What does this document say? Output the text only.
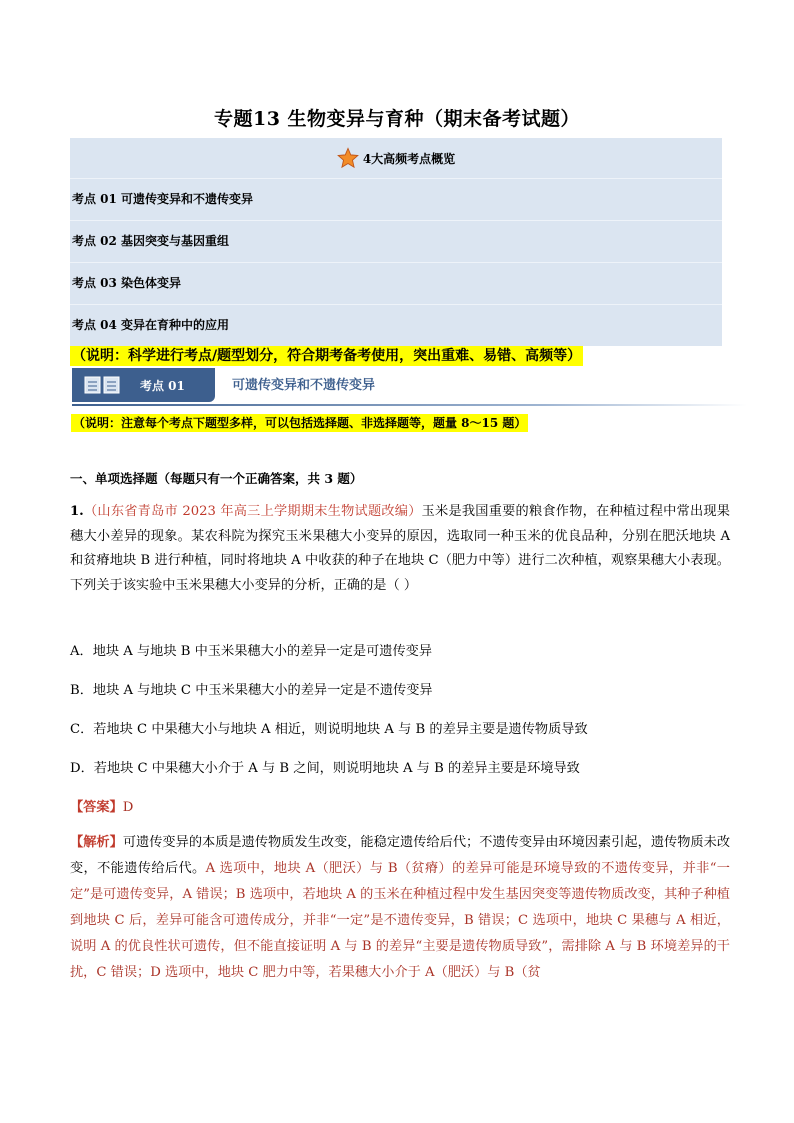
专题13 生物变异与育种（期末备考试题）
4大高频考点概览
考点 01 可遗传变异和不遗传变异
考点 02 基因突变与基因重组
考点 03 染色体变异
考点 04 变异在育种中的应用
（说明：科学进行考点/题型划分，符合期考备考使用，突出重难、易错、高频等）
考点 01	可遗传变异和不遗传变异
（说明：注意每个考点下题型多样，可以包括选择题、非选择题等，题量 8～15 题）
一、单项选择题（每题只有一个正确答案，共 3 题）
1.（山东省青岛市 2023 年高三上学期期末生物试题改编）玉米是我国重要的粮食作物，在种植过程中常出现果穗大小差异的现象。某农科院为探究玉米果穗大小变异的原因，选取同一种玉米的优良品种，分别在肥沃地块 A 和贫瘠地块 B 进行种植，同时将地块 A 中收获的种子在地块 C（肥力中等）进行二次种植，观察果穗大小表现。下列关于该实验中玉米果穗大小变异的分析，正确的是（ ）
A．地块 A 与地块 B 中玉米果穗大小的差异一定是可遗传变异
B．地块 A 与地块 C 中玉米果穗大小的差异一定是不遗传变异
C．若地块 C 中果穗大小与地块 A 相近，则说明地块 A 与 B 的差异主要是遗传物质导致
D．若地块 C 中果穗大小介于 A 与 B 之间，则说明地块 A 与 B 的差异主要是环境导致
【答案】D
【解析】可遗传变异的本质是遗传物质发生改变，能稳定遗传给后代；不遗传变异由环境因素引起，遗传物质未改变，不能遗传给后代。A 选项中，地块 A（肥沃）与 B（贫瘠）的差异可能是环境导致的不遗传变异，并非“一定”是可遗传变异，A 错误；B 选项中，若地块 A 的玉米在种植过程中发生基因突变等遗传物质改变，其种子种植到地块 C 后，差异可能含可遗传成分，并非“一定”是不遗传变异，B 错误；C 选项中，地块 C 果穗与 A 相近，说明 A 的优良性状可遗传，但不能直接证明 A 与 B 的差异“主要是遗传物质导致”，需排除 A 与 B 环境差异的干扰，C 错误；D 选项中，地块 C 肥力中等，若果穗大小介于 A（肥沃）与 B（贫
